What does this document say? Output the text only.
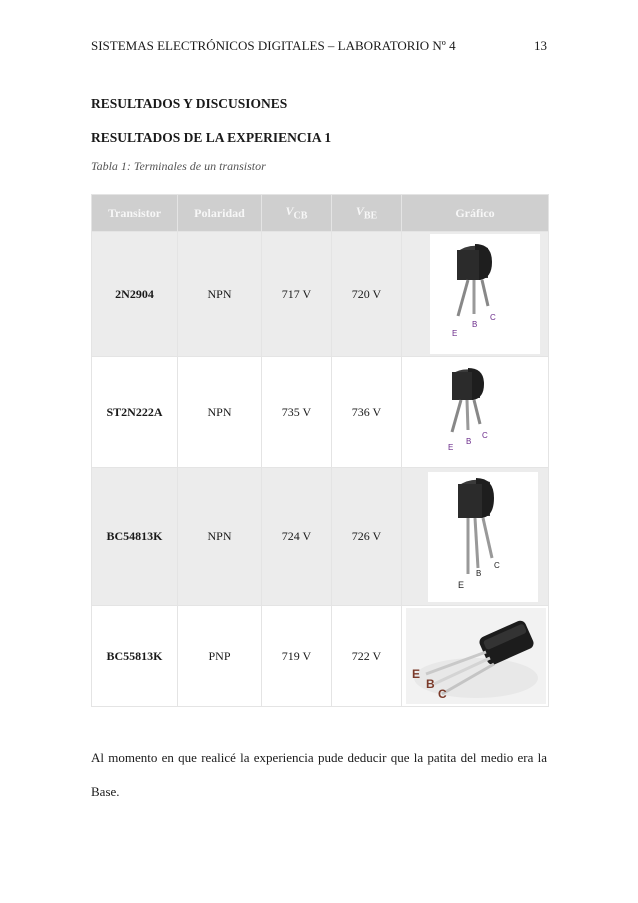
SISTEMAS ELECTRÓNICOS DIGITALES – LABORATORIO Nº 4	13
RESULTADOS Y DISCUSIONES
RESULTADOS DE LA EXPERIENCIA 1
Tabla 1: Terminales de un transistor
Transistor	Polaridad	$V_{CB}$	$V_{BE}$	Gráfico
2N2904	NPN	717 V	720 V	E
B
C

ST2N222A	NPN	735 V	736 V	E
B
C

BC54813K	NPN	724 V	726 V	E
B
C

BC55813K	PNP	719 V	722 V	E
B
C
Al momento en que realicé la experiencia pude deducir que la patita del medio era la Base.
